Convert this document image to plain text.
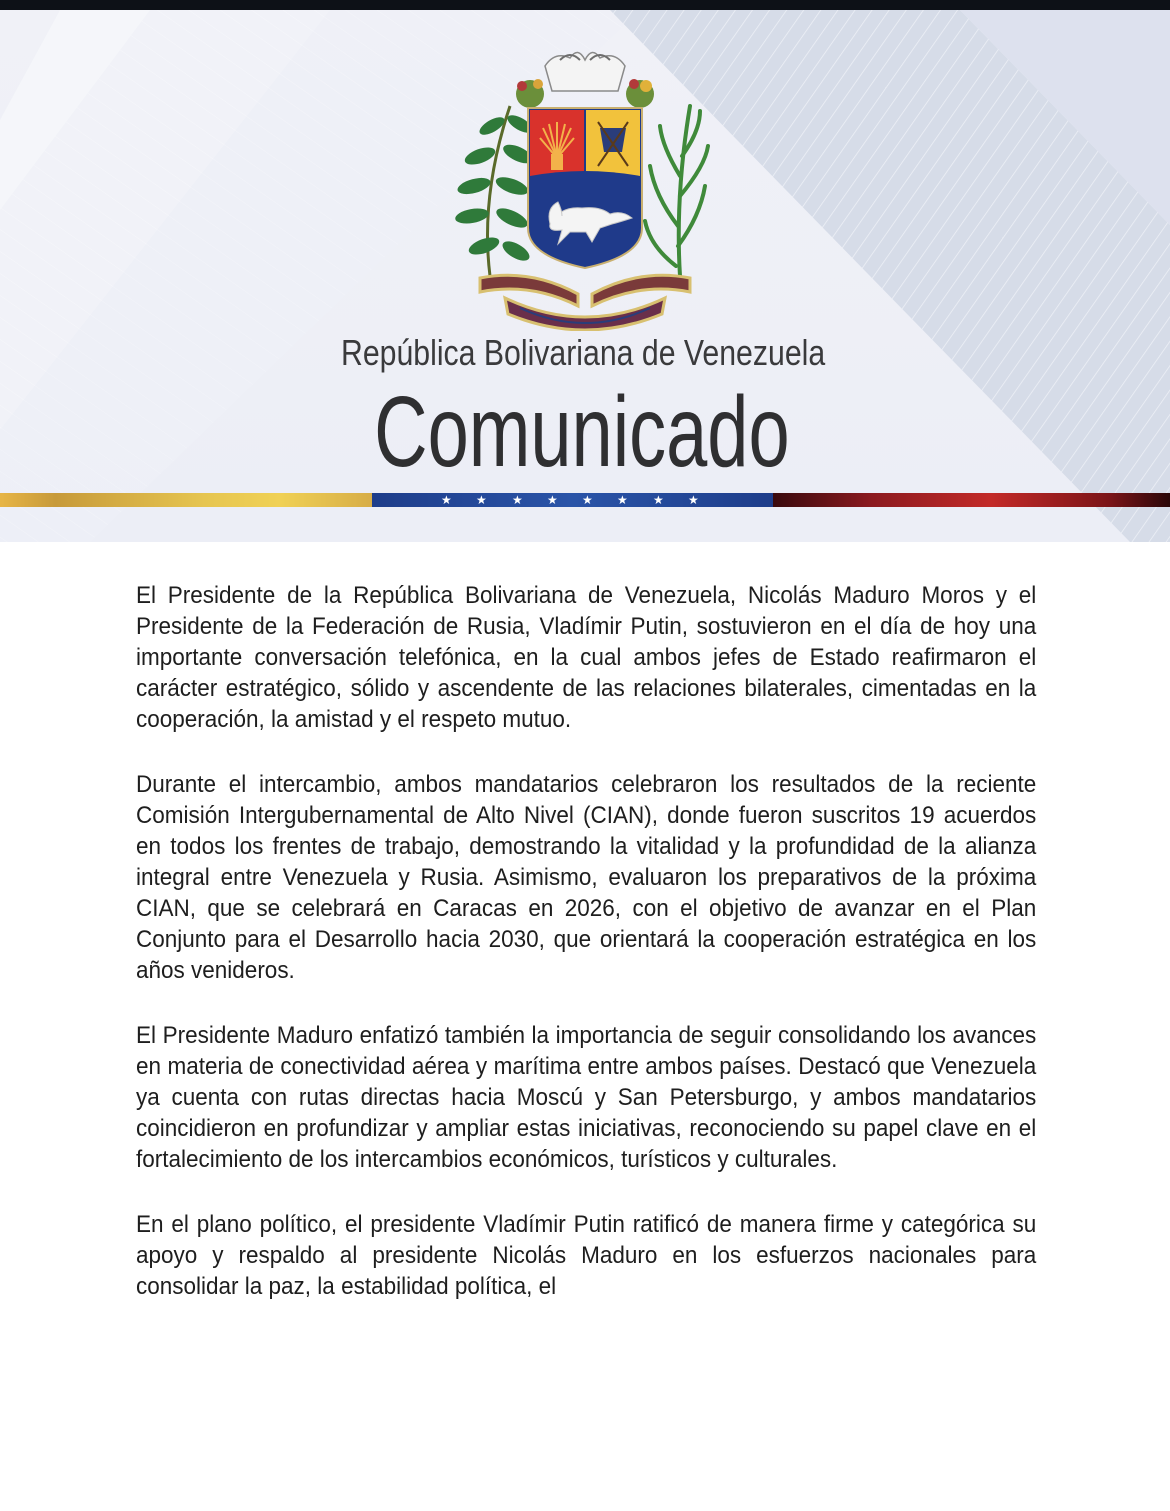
República Bolivariana de Venezuela
Comunicado
★ ★ ★ ★ ★ ★ ★ ★

El Presidente de la República Bolivariana de Venezuela, Nicolás Maduro Moros y el Presidente de la Federación de Rusia, Vladímir Putin, sostuvieron en el día de hoy una importante conversación telefónica, en la cual ambos jefes de Estado reafirmaron el carácter estratégico, sólido y ascendente de las relaciones bilaterales, cimentadas en la cooperación, la amistad y el respeto mutuo.

Durante el intercambio, ambos mandatarios celebraron los resultados de la reciente Comisión Intergubernamental de Alto Nivel (CIAN), donde fueron suscritos 19 acuerdos en todos los frentes de trabajo, demostrando la vitalidad y la profundidad de la alianza integral entre Venezuela y Rusia. Asimismo, evaluaron los preparativos de la próxima CIAN, que se celebrará en Caracas en 2026, con el objetivo de avanzar en el Plan Conjunto para el Desarrollo hacia 2030, que orientará la cooperación estratégica en los años venideros.

El Presidente Maduro enfatizó también la importancia de seguir consolidando los avances en materia de conectividad aérea y marítima entre ambos países. Destacó que Venezuela ya cuenta con rutas directas hacia Moscú y San Petersburgo, y ambos mandatarios coincidieron en profundizar y ampliar estas iniciativas, reconociendo su papel clave en el fortalecimiento de los intercambios económicos, turísticos y culturales.

En el plano político, el presidente Vladímir Putin ratificó de manera firme y categórica su apoyo y respaldo al presidente Nicolás Maduro en los esfuerzos nacionales para consolidar la paz, la estabilidad política, el
